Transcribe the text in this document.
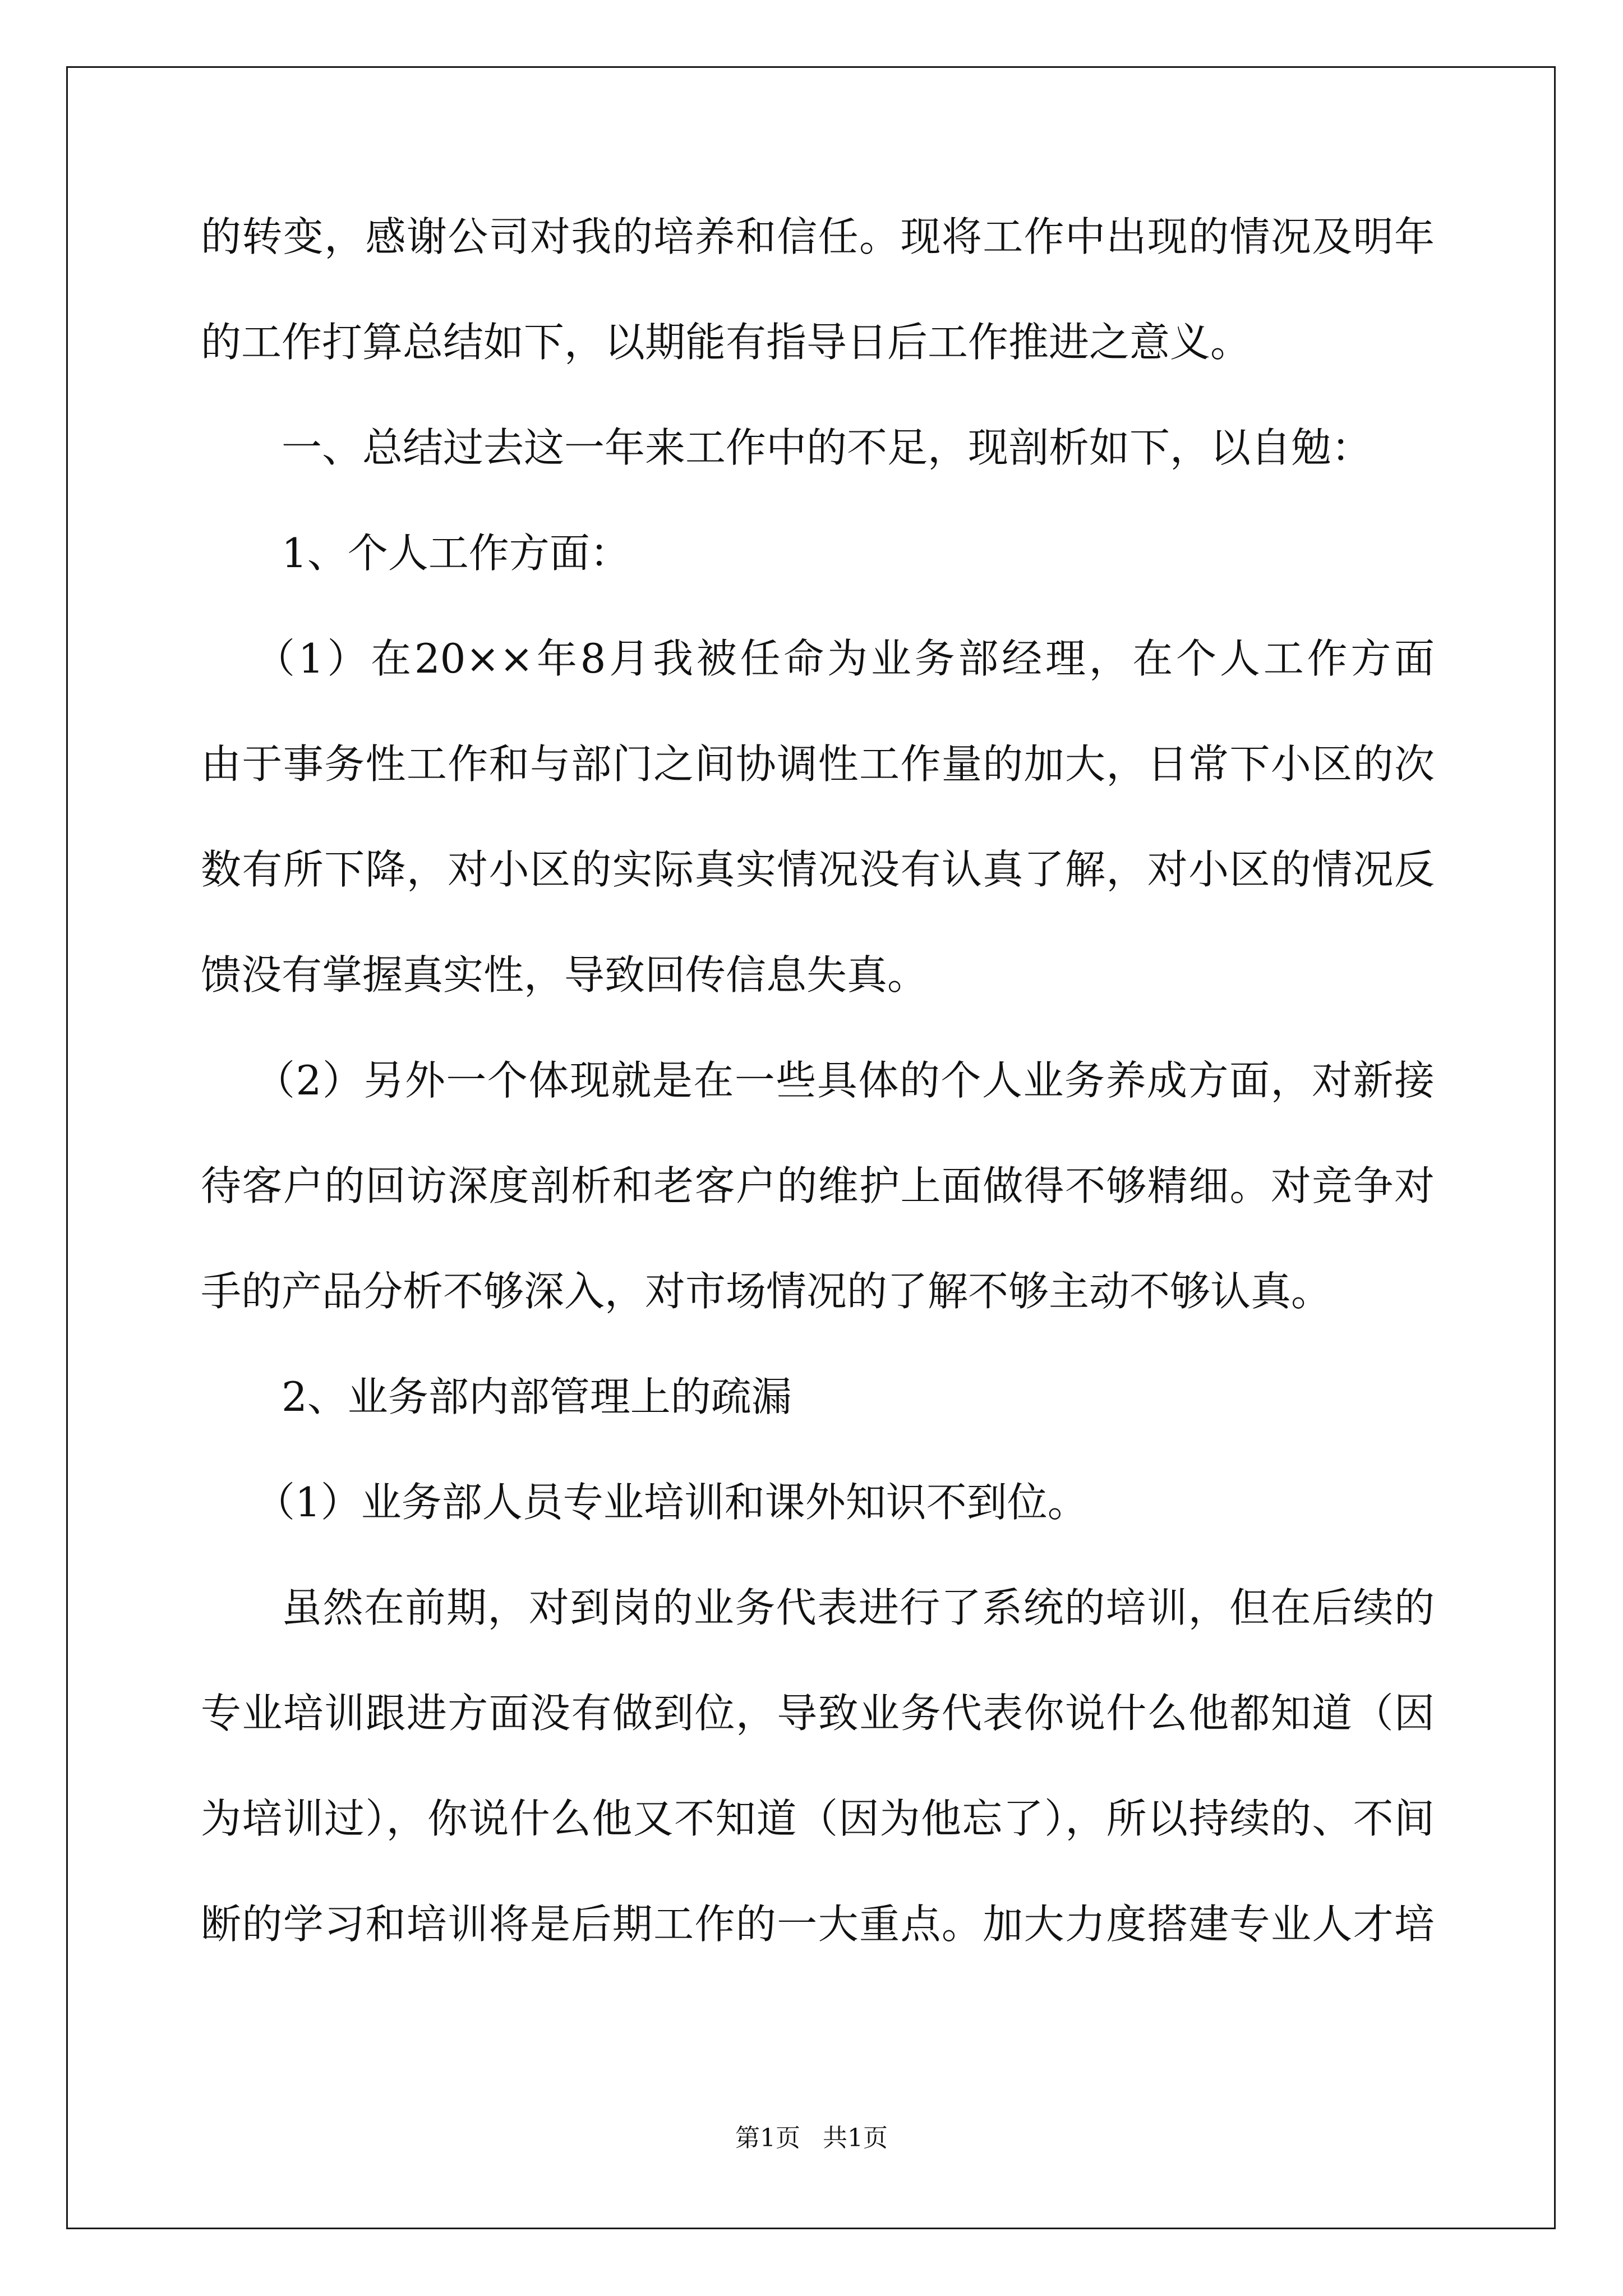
的转变，感谢公司对我的培养和信任。现将工作中出现的情况及明年
的工作打算总结如下，以期能有指导日后工作推进之意义。
一、总结过去这一年来工作中的不足，现剖析如下，以自勉：
1、个人工作方面：
（1）在20××年8月我被任命为业务部经理，在个人工作方面
由于事务性工作和与部门之间协调性工作量的加大，日常下小区的次
数有所下降，对小区的实际真实情况没有认真了解，对小区的情况反
馈没有掌握真实性，导致回传信息失真。
（2）另外一个体现就是在一些具体的个人业务养成方面，对新接
待客户的回访深度剖析和老客户的维护上面做得不够精细。对竞争对
手的产品分析不够深入，对市场情况的了解不够主动不够认真。
2、业务部内部管理上的疏漏
（1）业务部人员专业培训和课外知识不到位。
虽然在前期，对到岗的业务代表进行了系统的培训，但在后续的
专业培训跟进方面没有做到位，导致业务代表你说什么他都知道（因
为培训过），你说什么他又不知道（因为他忘了），所以持续的、不间
断的学习和培训将是后期工作的一大重点。加大力度搭建专业人才培
第1页 共1页
